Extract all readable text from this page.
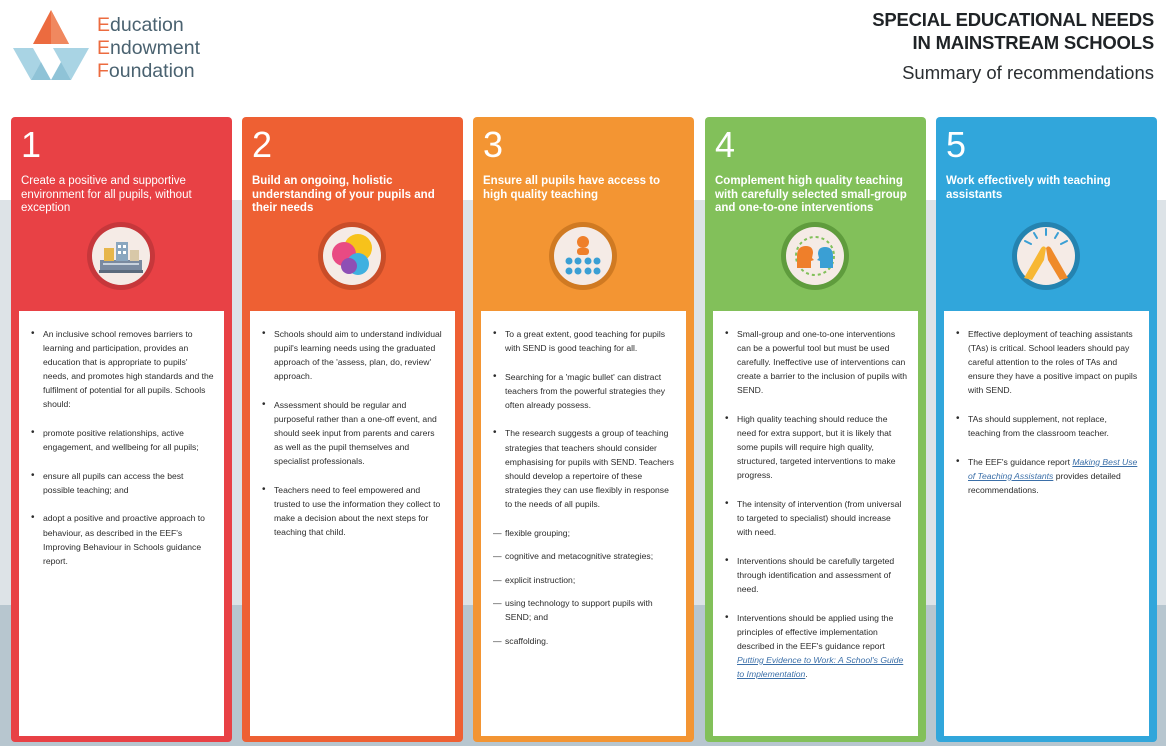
Education
Endowment
Foundation
SPECIAL EDUCATIONAL NEEDS
IN MAINSTREAM SCHOOLS
Summary of recommendations
1
Create a positive and supportive environment for all pupils, without exception
• An inclusive school removes barriers to learning and participation, provides an education that is appropriate to pupils' needs, and promotes high standards and the fulfilment of potential for all pupils. Schools should:
• promote positive relationships, active engagement, and wellbeing for all pupils;
• ensure all pupils can access the best possible teaching; and
• adopt a positive and proactive approach to behaviour, as described in the EEF's Improving Behaviour in Schools guidance report.
2
Build an ongoing, holistic understanding of your pupils and their needs
• Schools should aim to understand individual pupil's learning needs using the graduated approach of the 'assess, plan, do, review' approach.
• Assessment should be regular and purposeful rather than a one-off event, and should seek input from parents and carers as well as the pupil themselves and specialist professionals.
• Teachers need to feel empowered and trusted to use the information they collect to make a decision about the next steps for teaching that child.
3
Ensure all pupils have access to high quality teaching
• To a great extent, good teaching for pupils with SEND is good teaching for all.
• Searching for a 'magic bullet' can distract teachers from the powerful strategies they often already possess.
• The research suggests a group of teaching strategies that teachers should consider emphasising for pupils with SEND. Teachers should develop a repertoire of these strategies they can use flexibly in response to the needs of all pupils.
— flexible grouping;
— cognitive and metacognitive strategies;
— explicit instruction;
— using technology to support pupils with SEND; and
— scaffolding.
4
Complement high quality teaching with carefully selected small-group and one-to-one interventions
• Small-group and one-to-one interventions can be a powerful tool but must be used carefully. Ineffective use of interventions can create a barrier to the inclusion of pupils with SEND.
• High quality teaching should reduce the need for extra support, but it is likely that some pupils will require high quality, structured, targeted interventions to make progress.
• The intensity of intervention (from universal to targeted to specialist) should increase with need.
• Interventions should be carefully targeted through identification and assessment of need.
• Interventions should be applied using the principles of effective implementation described in the EEF's guidance report Putting Evidence to Work: A School's Guide to Implementation.
5
Work effectively with teaching assistants
• Effective deployment of teaching assistants (TAs) is critical. School leaders should pay careful attention to the roles of TAs and ensure they have a positive impact on pupils with SEND.
• TAs should supplement, not replace, teaching from the classroom teacher.
• The EEF's guidance report Making Best Use of Teaching Assistants provides detailed recommendations.
